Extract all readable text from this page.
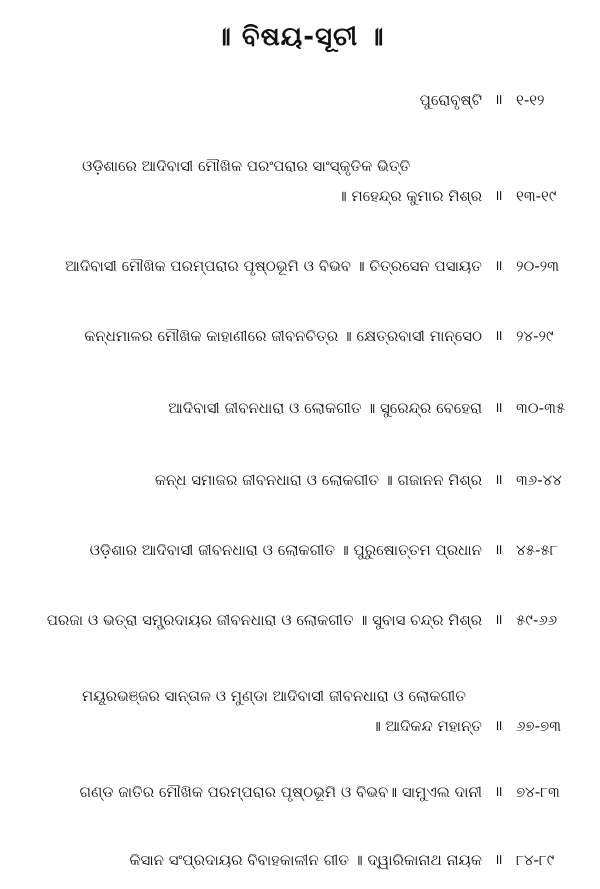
॥ ବିଷୟ-ସୂଚୀ ॥
ପୁରୋବୃଷ୍ଟି ॥ ୧-୧୨
ଓଡ଼ିଶାରେ ଆଦିବାସୀ ମୌଖିକ ପରଂପରାର ସାଂସ୍କୃତିକ ଭିତ୍ତି
॥ ମହେନ୍ଦ୍ର କୁମାର ମିଶ୍ର ॥ ୧୩-୧୯
ଆଦିବାସୀ ମୌଖିକ ପରମ୍ପରାର ପୃଷ୍ଠଭୂମି ଓ ବିଭବ ॥ ଚିତ୍ରସେନ ପସାୟତ ॥ ୨୦-୨୩
କନ୍ଧମାଳର ମୌଖିକ କାହାଣୀରେ ଜୀବନଚିତ୍ର ॥ କ୍ଷେତ୍ରବାସୀ ମାନ୍‌ସେଠ ॥ ୨୪-୨୯
ଆଦିବାସୀ ଜୀବନଧାରା ଓ ଲୋକଗୀତ ॥ ସୁରେନ୍ଦ୍ର ବେହେରା ॥ ୩୦-୩୫
କନ୍ଧ ସମାଜର ଜୀବନଧାରା ଓ ଲୋକଗୀତ ॥ ଗଜାନନ ମିଶ୍ର ॥ ୩୬-୪୪
ଓଡ଼ିଶାର ଆଦିବାସୀ ଜୀବନଧାରା ଓ ଲୋକଗୀତ ॥ ପୁରୁଷୋତ୍ତମ ପ୍ରଧାନ ॥ ୪୫-୫୮
ପରଜା ଓ ଭତ୍ରା ସମ୍ପ୍ରଦାୟର ଜୀବନଧାରା ଓ ଲୋକଗୀତ ॥ ସୁବାସ ଚନ୍ଦ୍ର ମିଶ୍ର ॥ ୫୯-୬୬
ମୟୂରଭଞ୍ଜର ସାନ୍ତାଳ ଓ ମୁଣ୍ଡା ଆଦିବାସୀ ଜୀବନଧାରା ଓ ଲୋକଗୀତ
॥ ଆଦିକନ୍ଦ ମହାନ୍ତ ॥ ୬୭-୭୩
ଗଣ୍ଡ ଜାତିର ମୌଖିକ ପରମ୍ପରାର ପୃଷ୍ଠଭୂମି ଓ ବିଭବ॥ ସାମୁଏଲ ଦାନୀ ॥ ୭୪-୮୩
କିସାନ ସଂପ୍ରଦାୟର ବିବାହକାଳୀନ ଗୀତ ॥ ଦ୍ୱାରିକାନାଥ ନାୟକ ॥ ୮୪-୮୯
